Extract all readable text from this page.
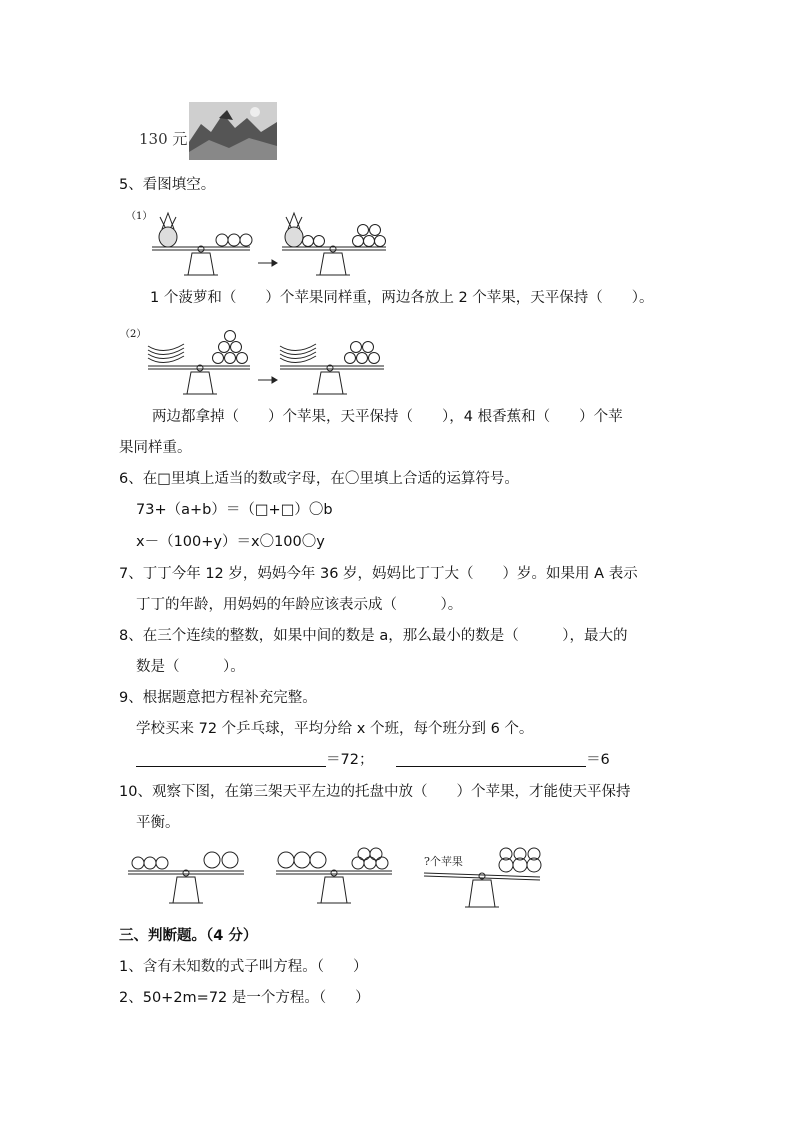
130 元
5、看图填空。
（1）
1 个菠萝和（　　）个苹果同样重，两边各放上 2 个苹果，天平保持（　　）。
（2）
两边都拿掉（　　）个苹果，天平保持（　　），4 根香蕉和（　　）个苹
果同样重。
6、在□里填上适当的数或字母，在〇里填上合适的运算符号。
73+（a+b）＝（□+□）〇b
x－（100+y）＝x〇100〇y
7、丁丁今年 12 岁，妈妈今年 36 岁，妈妈比丁丁大（　　）岁。如果用 A 表示
丁丁的年龄，用妈妈的年龄应该表示成（　　　）。
8、在三个连续的整数，如果中间的数是 a，那么最小的数是（　　　），最大的
数是（　　　）。
9、根据题意把方程补充完整。
学校买来 72 个乒乓球，平均分给 x 个班，每个班分到 6 个。
＝72；	＝6
10、观察下图，在第三架天平左边的托盘中放（　　）个苹果，才能使天平保持
平衡。
?个苹果
三、判断题。（4 分）
1、含有未知数的式子叫方程。（　　）
2、50+2m=72 是一个方程。（　　）
